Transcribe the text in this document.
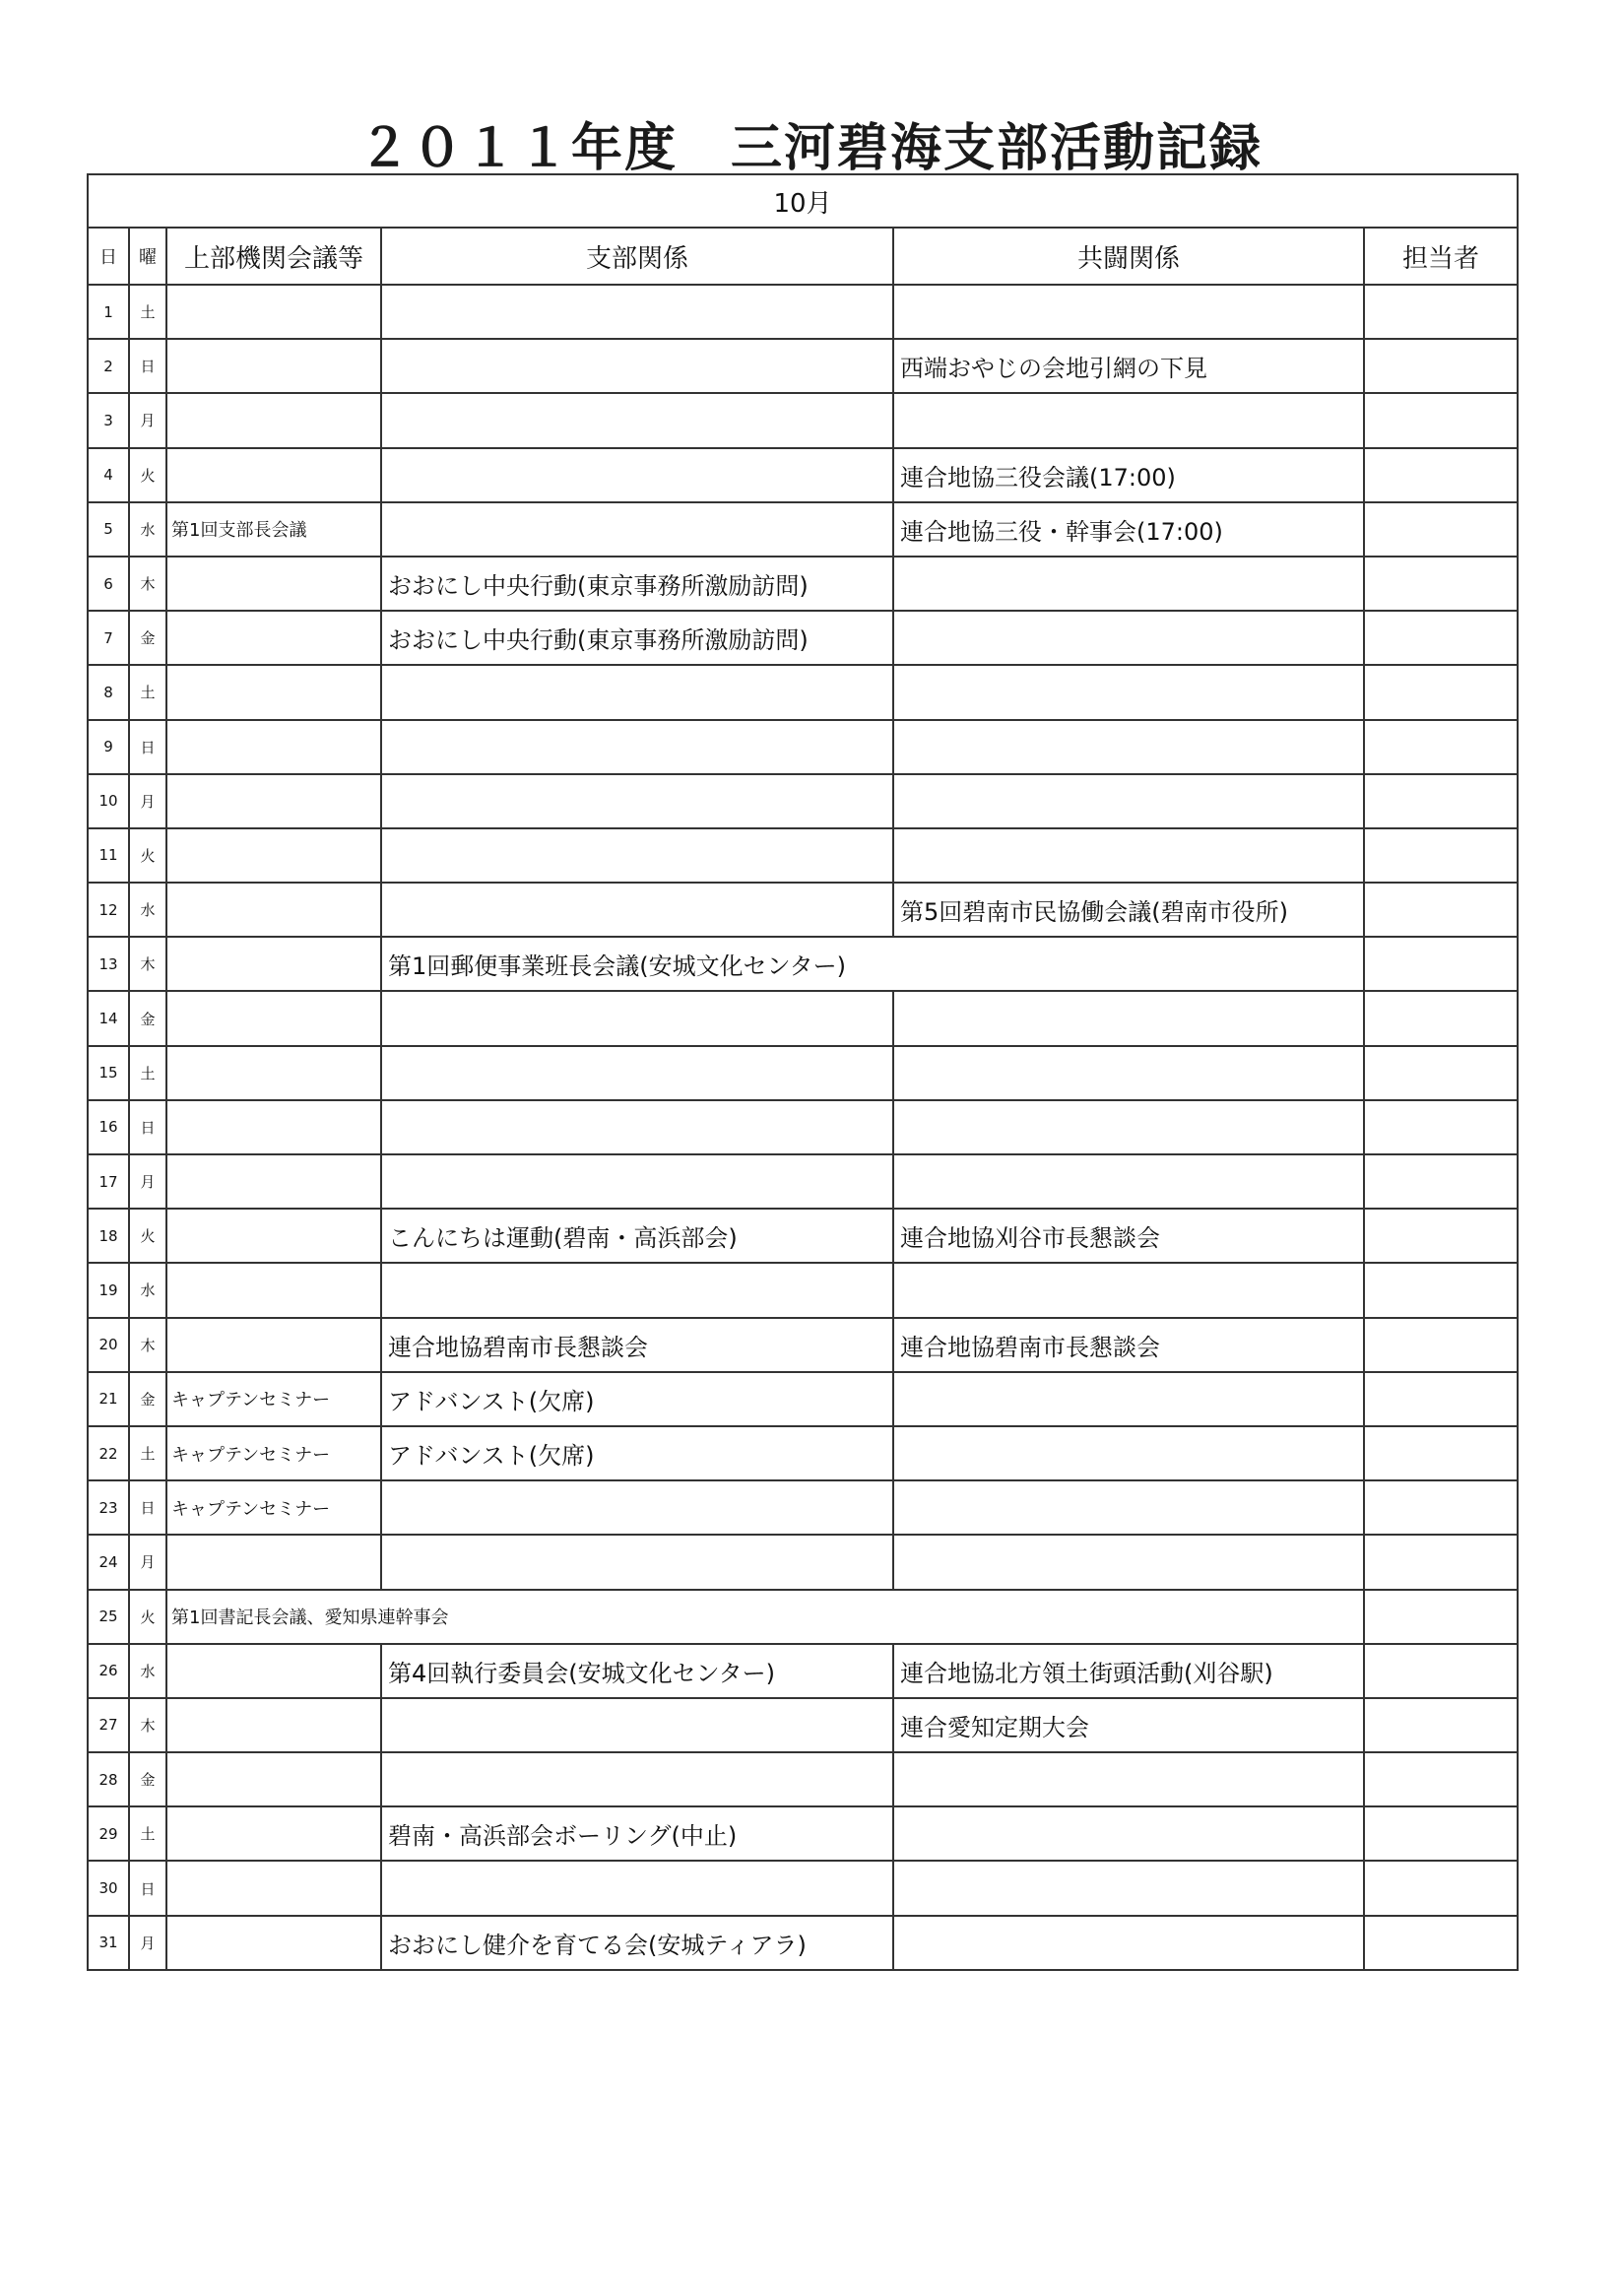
２０１１年度　三河碧海支部活動記録
10月					
日	曜	上部機関会議等	支部関係	共闘関係	担当者
1	土				
2	日			西端おやじの会地引網の下見	
3	月				
4	火			連合地協三役会議(17:00)	
5	水	第1回支部長会議		連合地協三役・幹事会(17:00)	
6	木		おおにし中央行動(東京事務所激励訪問)		
7	金		おおにし中央行動(東京事務所激励訪問)		
8	土				
9	日				
10	月				
11	火				
12	水			第5回碧南市民協働会議(碧南市役所)	
13	木		第1回郵便事業班長会議(安城文化センター)		
14	金				
15	土				
16	日				
17	月				
18	火		こんにちは運動(碧南・高浜部会)	連合地協刈谷市長懇談会	
19	水				
20	木		連合地協碧南市長懇談会	連合地協碧南市長懇談会	
21	金	キャプテンセミナー	アドバンスト(欠席)		
22	土	キャプテンセミナー	アドバンスト(欠席)		
23	日	キャプテンセミナー			
24	月				
25	火	第1回書記長会議、愛知県連幹事会			
26	水		第4回執行委員会(安城文化センター)	連合地協北方領土街頭活動(刈谷駅)	
27	木			連合愛知定期大会	
28	金				
29	土		碧南・高浜部会ボーリング(中止)		
30	日				
31	月		おおにし健介を育てる会(安城ティアラ)		
